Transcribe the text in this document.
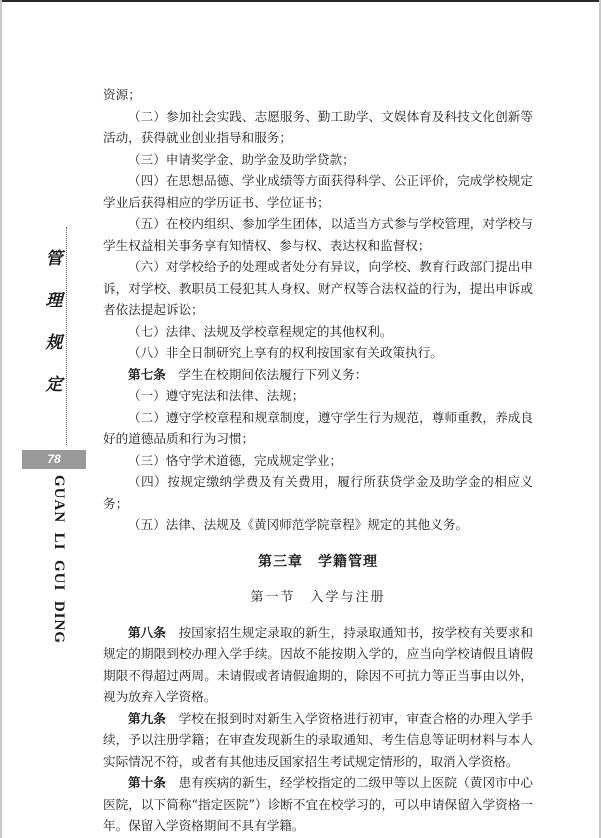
管
理
规
定
78
GUAN  LI  GUI  DING

资源；

（二）参加社会实践、志愿服务、勤工助学、文娱体育及科技文化创新等活动，获得就业创业指导和服务；

（三）申请奖学金、助学金及助学贷款；

（四）在思想品德、学业成绩等方面获得科学、公正评价，完成学校规定学业后获得相应的学历证书、学位证书；

（五）在校内组织、参加学生团体，以适当方式参与学校管理，对学校与学生权益相关事务享有知情权、参与权、表达权和监督权；

（六）对学校给予的处理或者处分有异议，向学校、教育行政部门提出申诉，对学校、教职员工侵犯其人身权、财产权等合法权益的行为，提出申诉或者依法提起诉讼；

（七）法律、法规及学校章程规定的其他权利。

（八）非全日制研究上享有的权利按国家有关政策执行。

第七条　学生在校期间依法履行下列义务：

（一）遵守宪法和法律、法规；

（二）遵守学校章程和规章制度，遵守学生行为规范，尊师重教，养成良好的道德品质和行为习惯；

（三）恪守学术道德，完成规定学业；

（四）按规定缴纳学费及有关费用，履行所获贷学金及助学金的相应义务；

（五）法律、法规及《黄冈师范学院章程》规定的其他义务。

第三章　学籍管理
第一节　入学与注册

第八条　按国家招生规定录取的新生，持录取通知书，按学校有关要求和规定的期限到校办理入学手续。因故不能按期入学的，应当向学校请假且请假期限不得超过两周。未请假或者请假逾期的，除因不可抗力等正当事由以外，视为放弃入学资格。

第九条　学校在报到时对新生入学资格进行初审，审查合格的办理入学手续，予以注册学籍；在审查发现新生的录取通知、考生信息等证明材料与本人实际情况不符，或者有其他违反国家招生考试规定情形的，取消入学资格。

第十条　患有疾病的新生，经学校指定的二级甲等以上医院（黄冈市中心医院，以下简称“指定医院”）诊断不宜在校学习的，可以申请保留入学资格一年。保留入学资格期间不具有学籍。
